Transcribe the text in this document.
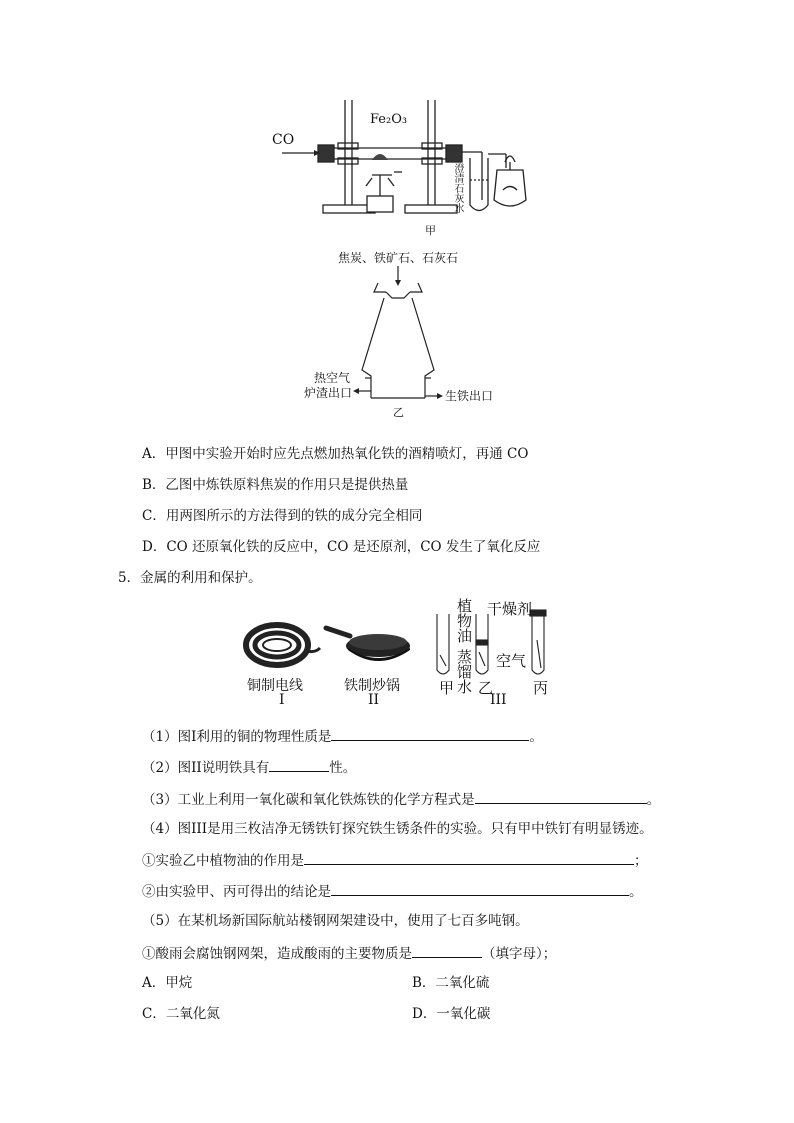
CO
Fe₂O₃
澄清石灰水
甲
焦炭、铁矿石、石灰石
热空气
炉渣出口	生铁出口
乙
A．甲图中实验开始时应先点燃加热氧化铁的酒精喷灯，再通 CO
B．乙图中炼铁原料焦炭的作用只是提供热量
C．用两图所示的方法得到的铁的成分完全相同
D．CO 还原氧化铁的反应中，CO 是还原剂，CO 发生了氧化反应
5．金属的利用和保护。
铜制电线
I
铁制炒锅
II
植物油
蒸馏水
干燥剂
空气
甲 乙	丙
III
（1）图I利用的铜的物理性质是	。
（2）图II说明铁具有	性。
（3）工业上利用一氧化碳和氧化铁炼铁的化学方程式是	。
（4）图III是用三枚洁净无锈铁钉探究铁生锈条件的实验。只有甲中铁钉有明显锈迹。
①实验乙中植物油的作用是	；
②由实验甲、丙可得出的结论是	。
（5）在某机场新国际航站楼钢网架建设中，使用了七百多吨钢。
①酸雨会腐蚀钢网架，造成酸雨的主要物质是	（填字母）；
A．甲烷	B．二氧化硫
C．二氧化氮	D．一氧化碳
